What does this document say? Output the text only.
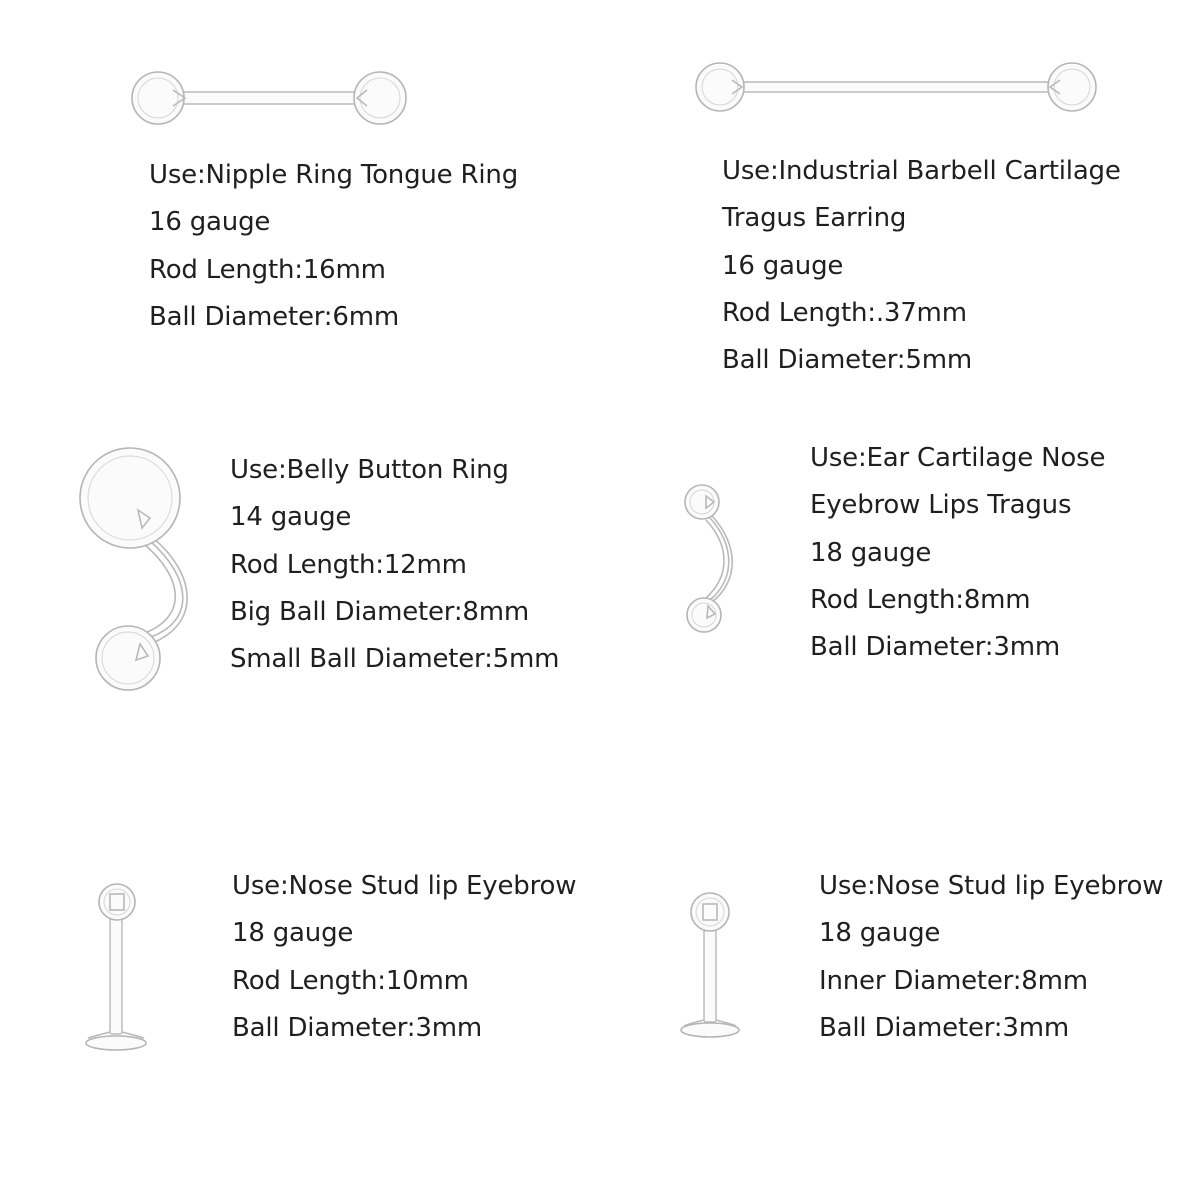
Use:Nipple Ring Tongue Ring
16 gauge
Rod Length:16mm
Ball Diameter:6mm
Use:Industrial Barbell Cartilage
Tragus Earring
16 gauge
Rod Length:.37mm
Ball Diameter:5mm
Use:Belly Button Ring
14 gauge
Rod Length:12mm
Big Ball Diameter:8mm
Small Ball Diameter:5mm
Use:Ear Cartilage Nose
Eyebrow Lips Tragus
18 gauge
Rod Length:8mm
Ball Diameter:3mm
Use:Nose Stud lip Eyebrow
18 gauge
Rod Length:10mm
Ball Diameter:3mm
Use:Nose Stud lip Eyebrow
18 gauge
Inner Diameter:8mm
Ball Diameter:3mm
